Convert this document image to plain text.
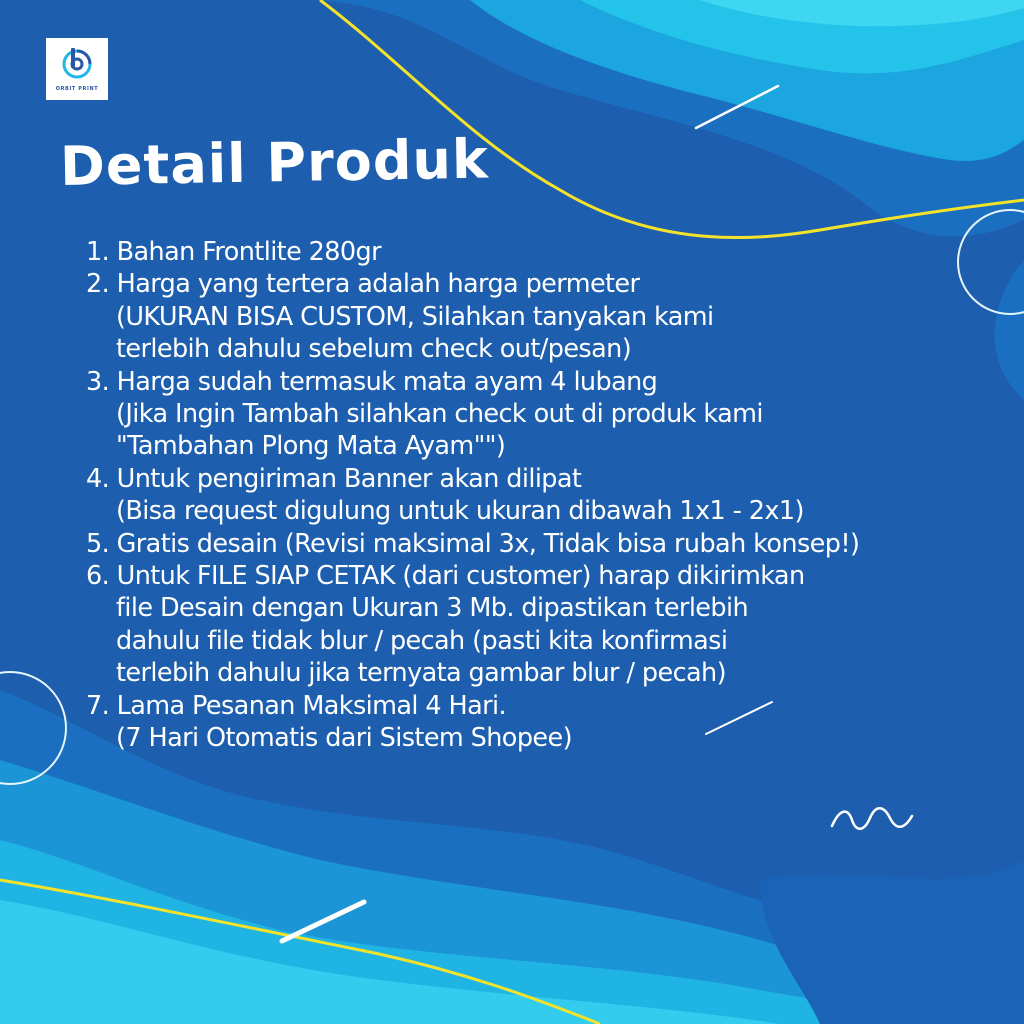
ORBIT PRINT
Detail Produk
1. Bahan Frontlite 280gr
2. Harga yang tertera adalah harga permeter
(UKURAN BISA CUSTOM, Silahkan tanyakan kami
terlebih dahulu sebelum check out/pesan)
3. Harga sudah termasuk mata ayam 4 lubang
(Jika Ingin Tambah silahkan check out di produk kami
"Tambahan Plong Mata Ayam"")
4. Untuk pengiriman Banner akan dilipat
(Bisa request digulung untuk ukuran dibawah 1x1 - 2x1)
5. Gratis desain (Revisi maksimal 3x, Tidak bisa rubah konsep!)
6. Untuk FILE SIAP CETAK (dari customer) harap dikirimkan
file Desain dengan Ukuran 3 Mb. dipastikan terlebih
dahulu file tidak blur / pecah (pasti kita konfirmasi
terlebih dahulu jika ternyata gambar blur / pecah)
7. Lama Pesanan Maksimal 4 Hari.
(7 Hari Otomatis dari Sistem Shopee)
